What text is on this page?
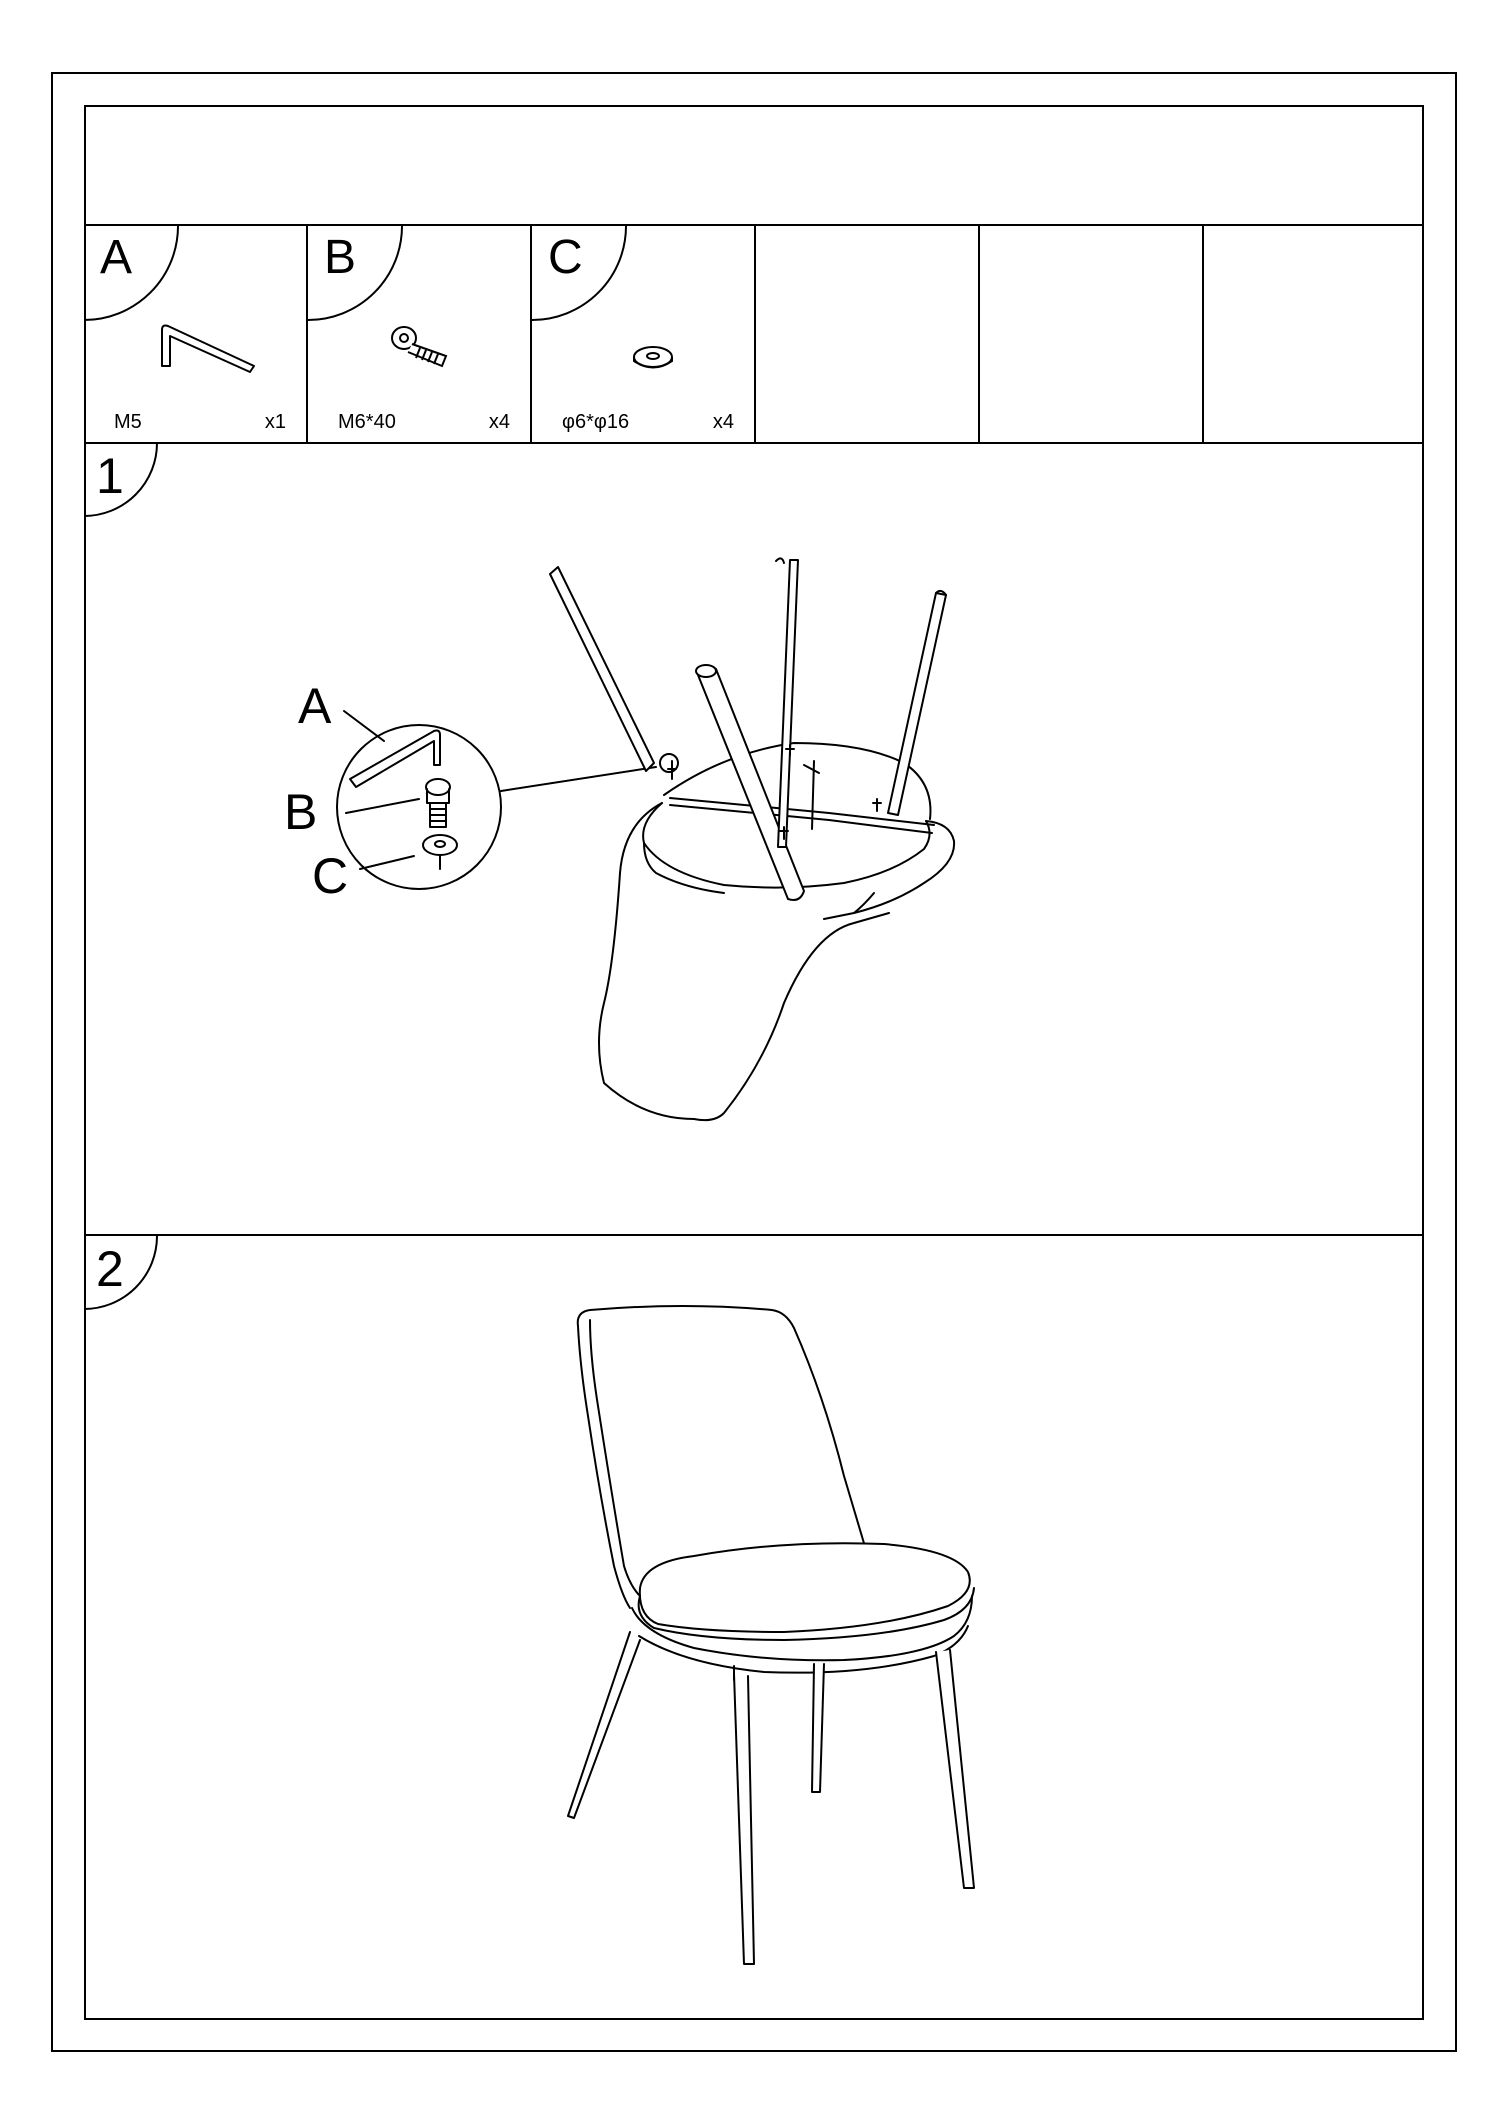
A
M5	x1
B
M6*40	x4
C
φ6*φ16	x4
1
A
B
C
2
